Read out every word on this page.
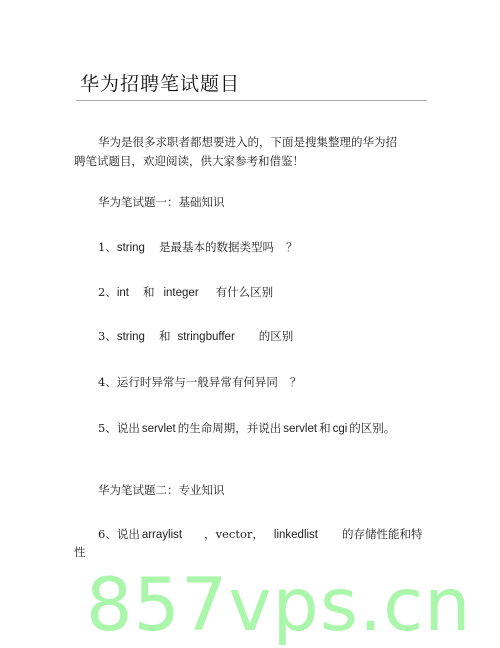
华为招聘笔试题目
华为是很多求职者都想要进入的，下面是搜集整理的华为招
聘笔试题目，欢迎阅读，供大家参考和借鉴！
华为笔试题一：基础知识
1、string 是最基本的数据类型吗 ？
2、int 和 integer 有什么区别
3、string 和 stringbuffer 的区别
4、运行时异常与一般异常有何异同 ？
5、说出 servlet 的生命周期，并说出 servlet 和 cgi 的区别。
华为笔试题二：专业知识
6、说出 arraylist ，vector， linkedlist 的存储性能和特
性
857vps.cn
